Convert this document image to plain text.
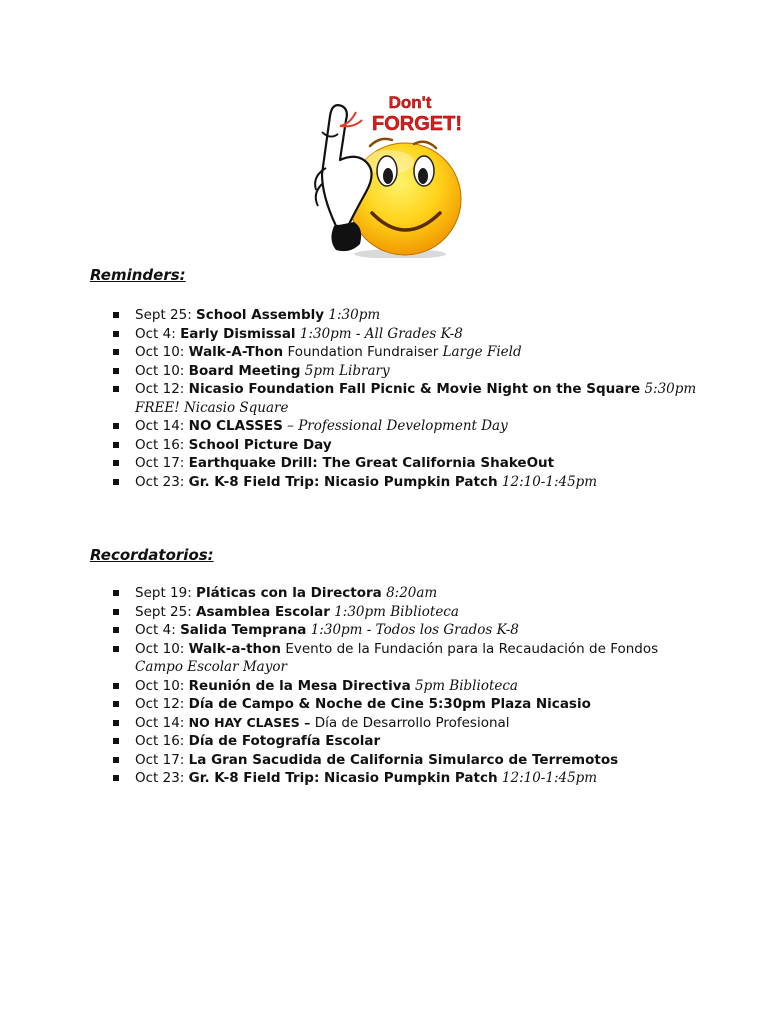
Don't
FORGET!
Reminders:
Sept 25: School Assembly 1:30pm
Oct 4: Early Dismissal 1:30pm - All Grades K-8
Oct 10: Walk-A-Thon Foundation Fundraiser Large Field
Oct 10: Board Meeting 5pm Library
Oct 12: Nicasio Foundation Fall Picnic & Movie Night on the Square 5:30pm FREE! Nicasio Square
Oct 14: NO CLASSES – Professional Development Day
Oct 16: School Picture Day
Oct 17: Earthquake Drill: The Great California ShakeOut
Oct 23: Gr. K-8 Field Trip: Nicasio Pumpkin Patch 12:10-1:45pm
Recordatorios:
Sept 19: Pláticas con la Directora 8:20am
Sept 25: Asamblea Escolar 1:30pm Biblioteca
Oct 4: Salida Temprana 1:30pm - Todos los Grados K-8
Oct 10: Walk-a-thon Evento de la Fundación para la Recaudación de Fondos Campo Escolar Mayor
Oct 10: Reunión de la Mesa Directiva 5pm Biblioteca
Oct 12: Día de Campo & Noche de Cine 5:30pm Plaza Nicasio
Oct 14: NO HAY CLASES – Día de Desarrollo Profesional
Oct 16: Día de Fotografía Escolar
Oct 17: La Gran Sacudida de California Simularco de Terremotos
Oct 23: Gr. K-8 Field Trip: Nicasio Pumpkin Patch 12:10-1:45pm
